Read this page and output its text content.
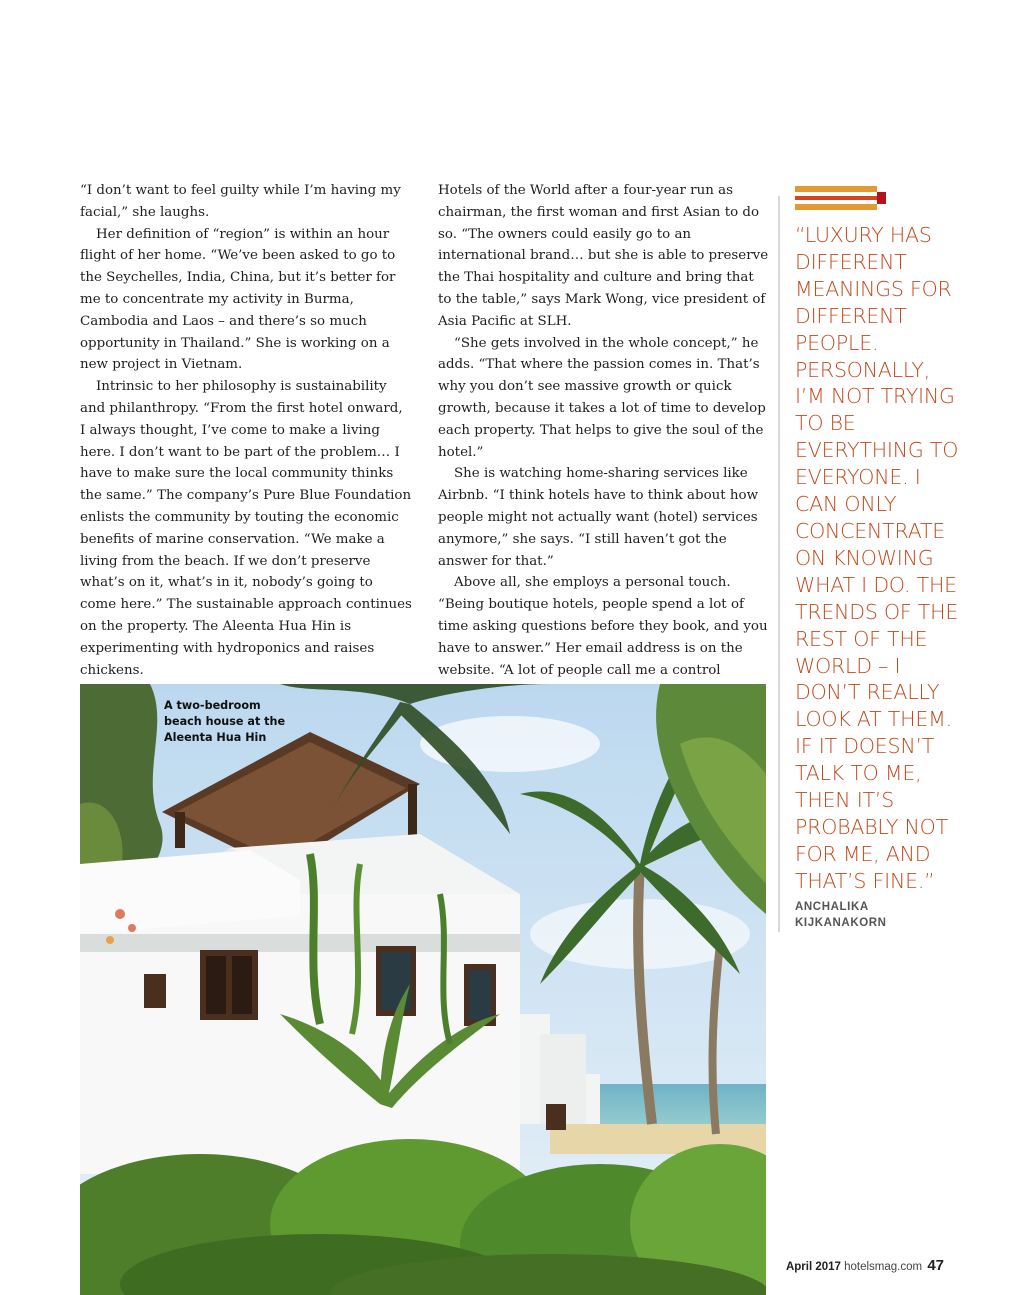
“I don’t want to feel guilty while I’m having my facial,” she laughs.

Her definition of “region” is within an hour flight of her home. “We’ve been asked to go to the Seychelles, India, China, but it’s better for me to concentrate my activity in Burma, Cambodia and Laos – and there’s so much opportunity in Thailand.” She is working on a new project in Vietnam.

Intrinsic to her philosophy is sustainability and philanthropy. “From the first hotel onward, I always thought, I’ve come to make a living here. I don’t want to be part of the problem… I have to make sure the local community thinks the same.” The company’s Pure Blue Foundation enlists the community by touting the economic benefits of marine conservation. “We make a living from the beach. If we don’t preserve what’s on it, what’s in it, nobody’s going to come here.” The sustainable approach continues on the property. The Aleenta Hua Hin is experimenting with hydroponics and raises chickens.

Hotels of the World after a four-year run as chairman, the first woman and first Asian to do so. “The owners could easily go to an international brand… but she is able to preserve the Thai hospitality and culture and bring that to the table,” says Mark Wong, vice president of Asia Pacific at SLH.

“She gets involved in the whole concept,” he adds. “That where the passion comes in. That’s why you don’t see massive growth or quick growth, because it takes a lot of time to develop each property. That helps to give the soul of the hotel.”

She is watching home-sharing services like Airbnb. “I think hotels have to think about how people might not actually want (hotel) services anymore,” she says. “I still haven’t got the answer for that.”

Above all, she employs a personal touch. “Being boutique hotels, people spend a lot of time asking questions before they book, and you have to answer.” Her email address is on the website. “A lot of people call me a control

“LUXURY HAS DIFFERENT MEANINGS FOR DIFFERENT PEOPLE. PERSONALLY, I’M NOT TRYING TO BE EVERYTHING TO EVERYONE. I CAN ONLY CONCENTRATE ON KNOWING WHAT I DO. THE TRENDS OF THE REST OF THE WORLD – I DON’T REALLY LOOK AT THEM. IF IT DOESN’T TALK TO ME, THEN IT’S PROBABLY NOT FOR ME, AND THAT’S FINE.”
ANCHALIKA
KIJKANAKORN
A two-bedroom
beach house at the
Aleenta Hua Hin
April 2017 hotelsmag.com 47
